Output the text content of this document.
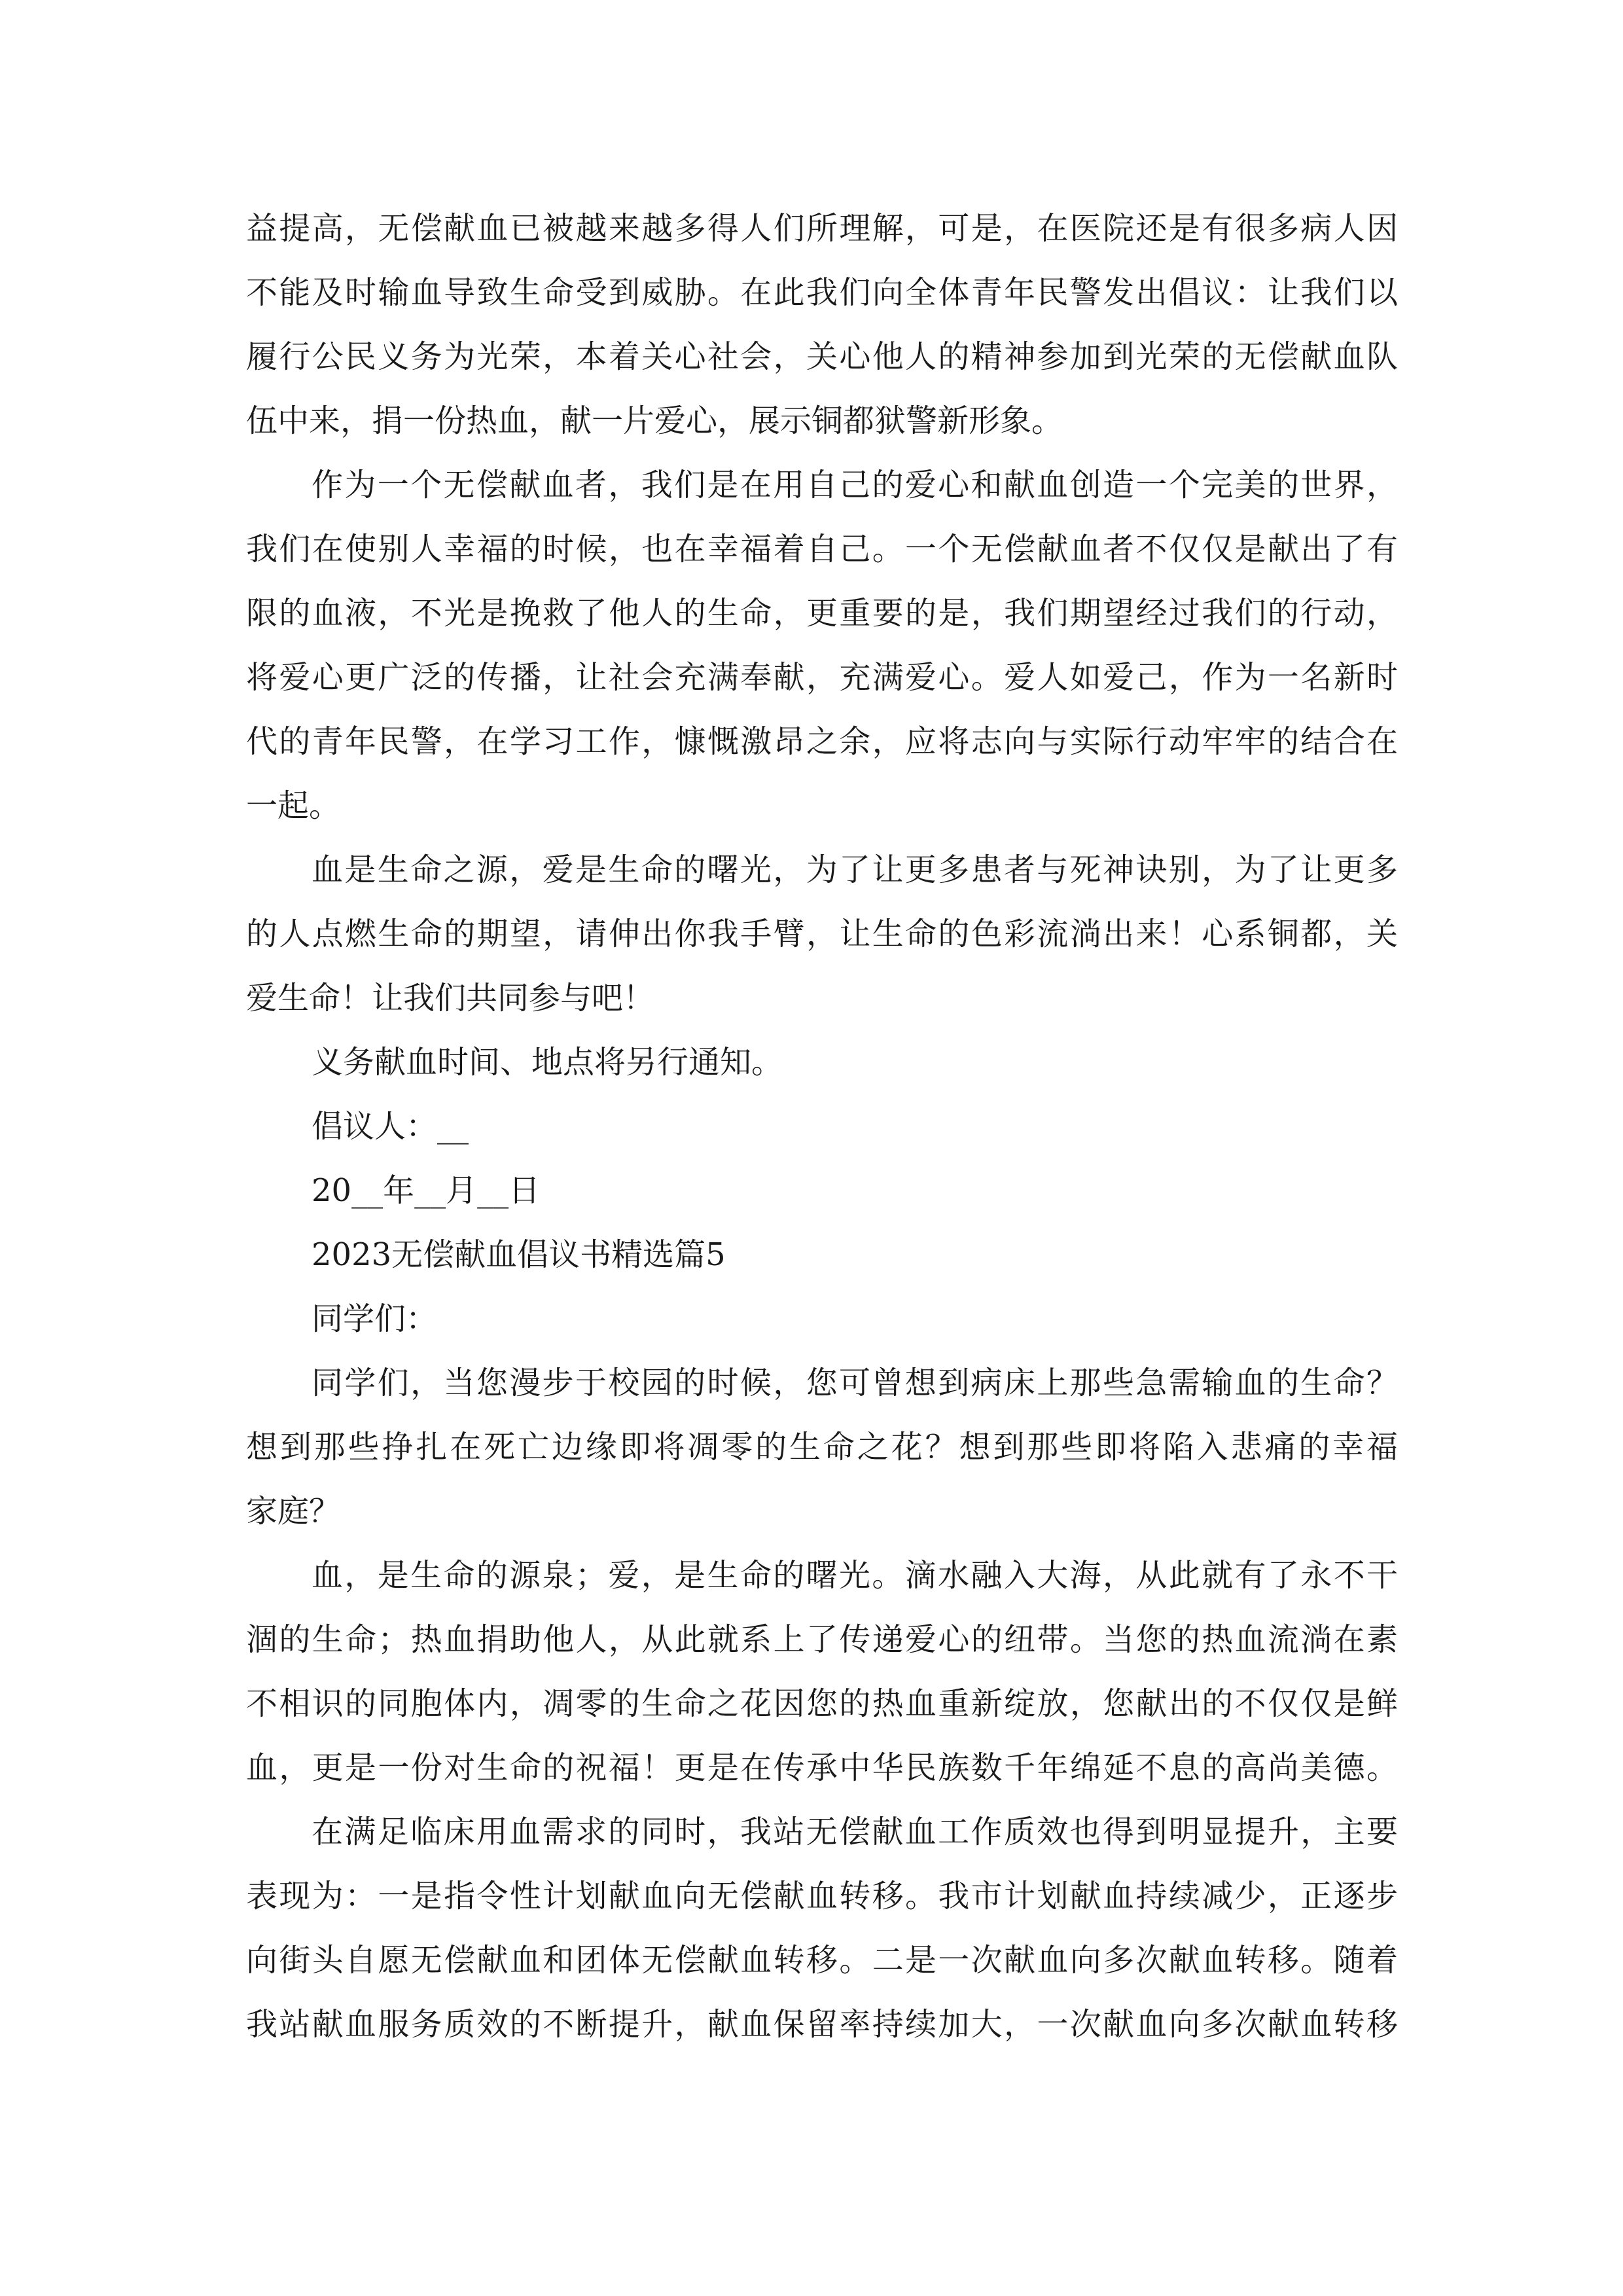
益提高，无偿献血已被越来越多得人们所理解，可是，在医院还是有很多病人因
不能及时输血导致生命受到威胁。在此我们向全体青年民警发出倡议：让我们以
履行公民义务为光荣，本着关心社会，关心他人的精神参加到光荣的无偿献血队
伍中来，捐一份热血，献一片爱心，展示铜都狱警新形象。
作为一个无偿献血者，我们是在用自己的爱心和献血创造一个完美的世界，
我们在使别人幸福的时候，也在幸福着自己。一个无偿献血者不仅仅是献出了有
限的血液，不光是挽救了他人的生命，更重要的是，我们期望经过我们的行动，
将爱心更广泛的传播，让社会充满奉献，充满爱心。爱人如爱己，作为一名新时
代的青年民警，在学习工作，慷慨激昂之余，应将志向与实际行动牢牢的结合在
一起。
血是生命之源，爱是生命的曙光，为了让更多患者与死神诀别，为了让更多
的人点燃生命的期望，请伸出你我手臂，让生命的色彩流淌出来！心系铜都，关
爱生命！让我们共同参与吧！
义务献血时间、地点将另行通知。
倡议人：__
20__年__月__日
2023无偿献血倡议书精选篇5
同学们：
同学们，当您漫步于校园的时候，您可曾想到病床上那些急需输血的生命？
想到那些挣扎在死亡边缘即将凋零的生命之花？想到那些即将陷入悲痛的幸福
家庭？
血，是生命的源泉；爱，是生命的曙光。滴水融入大海，从此就有了永不干
涸的生命；热血捐助他人，从此就系上了传递爱心的纽带。当您的热血流淌在素
不相识的同胞体内，凋零的生命之花因您的热血重新绽放，您献出的不仅仅是鲜
血，更是一份对生命的祝福！更是在传承中华民族数千年绵延不息的高尚美德。
在满足临床用血需求的同时，我站无偿献血工作质效也得到明显提升，主要
表现为：一是指令性计划献血向无偿献血转移。我市计划献血持续减少，正逐步
向街头自愿无偿献血和团体无偿献血转移。二是一次献血向多次献血转移。随着
我站献血服务质效的不断提升，献血保留率持续加大，一次献血向多次献血转移
